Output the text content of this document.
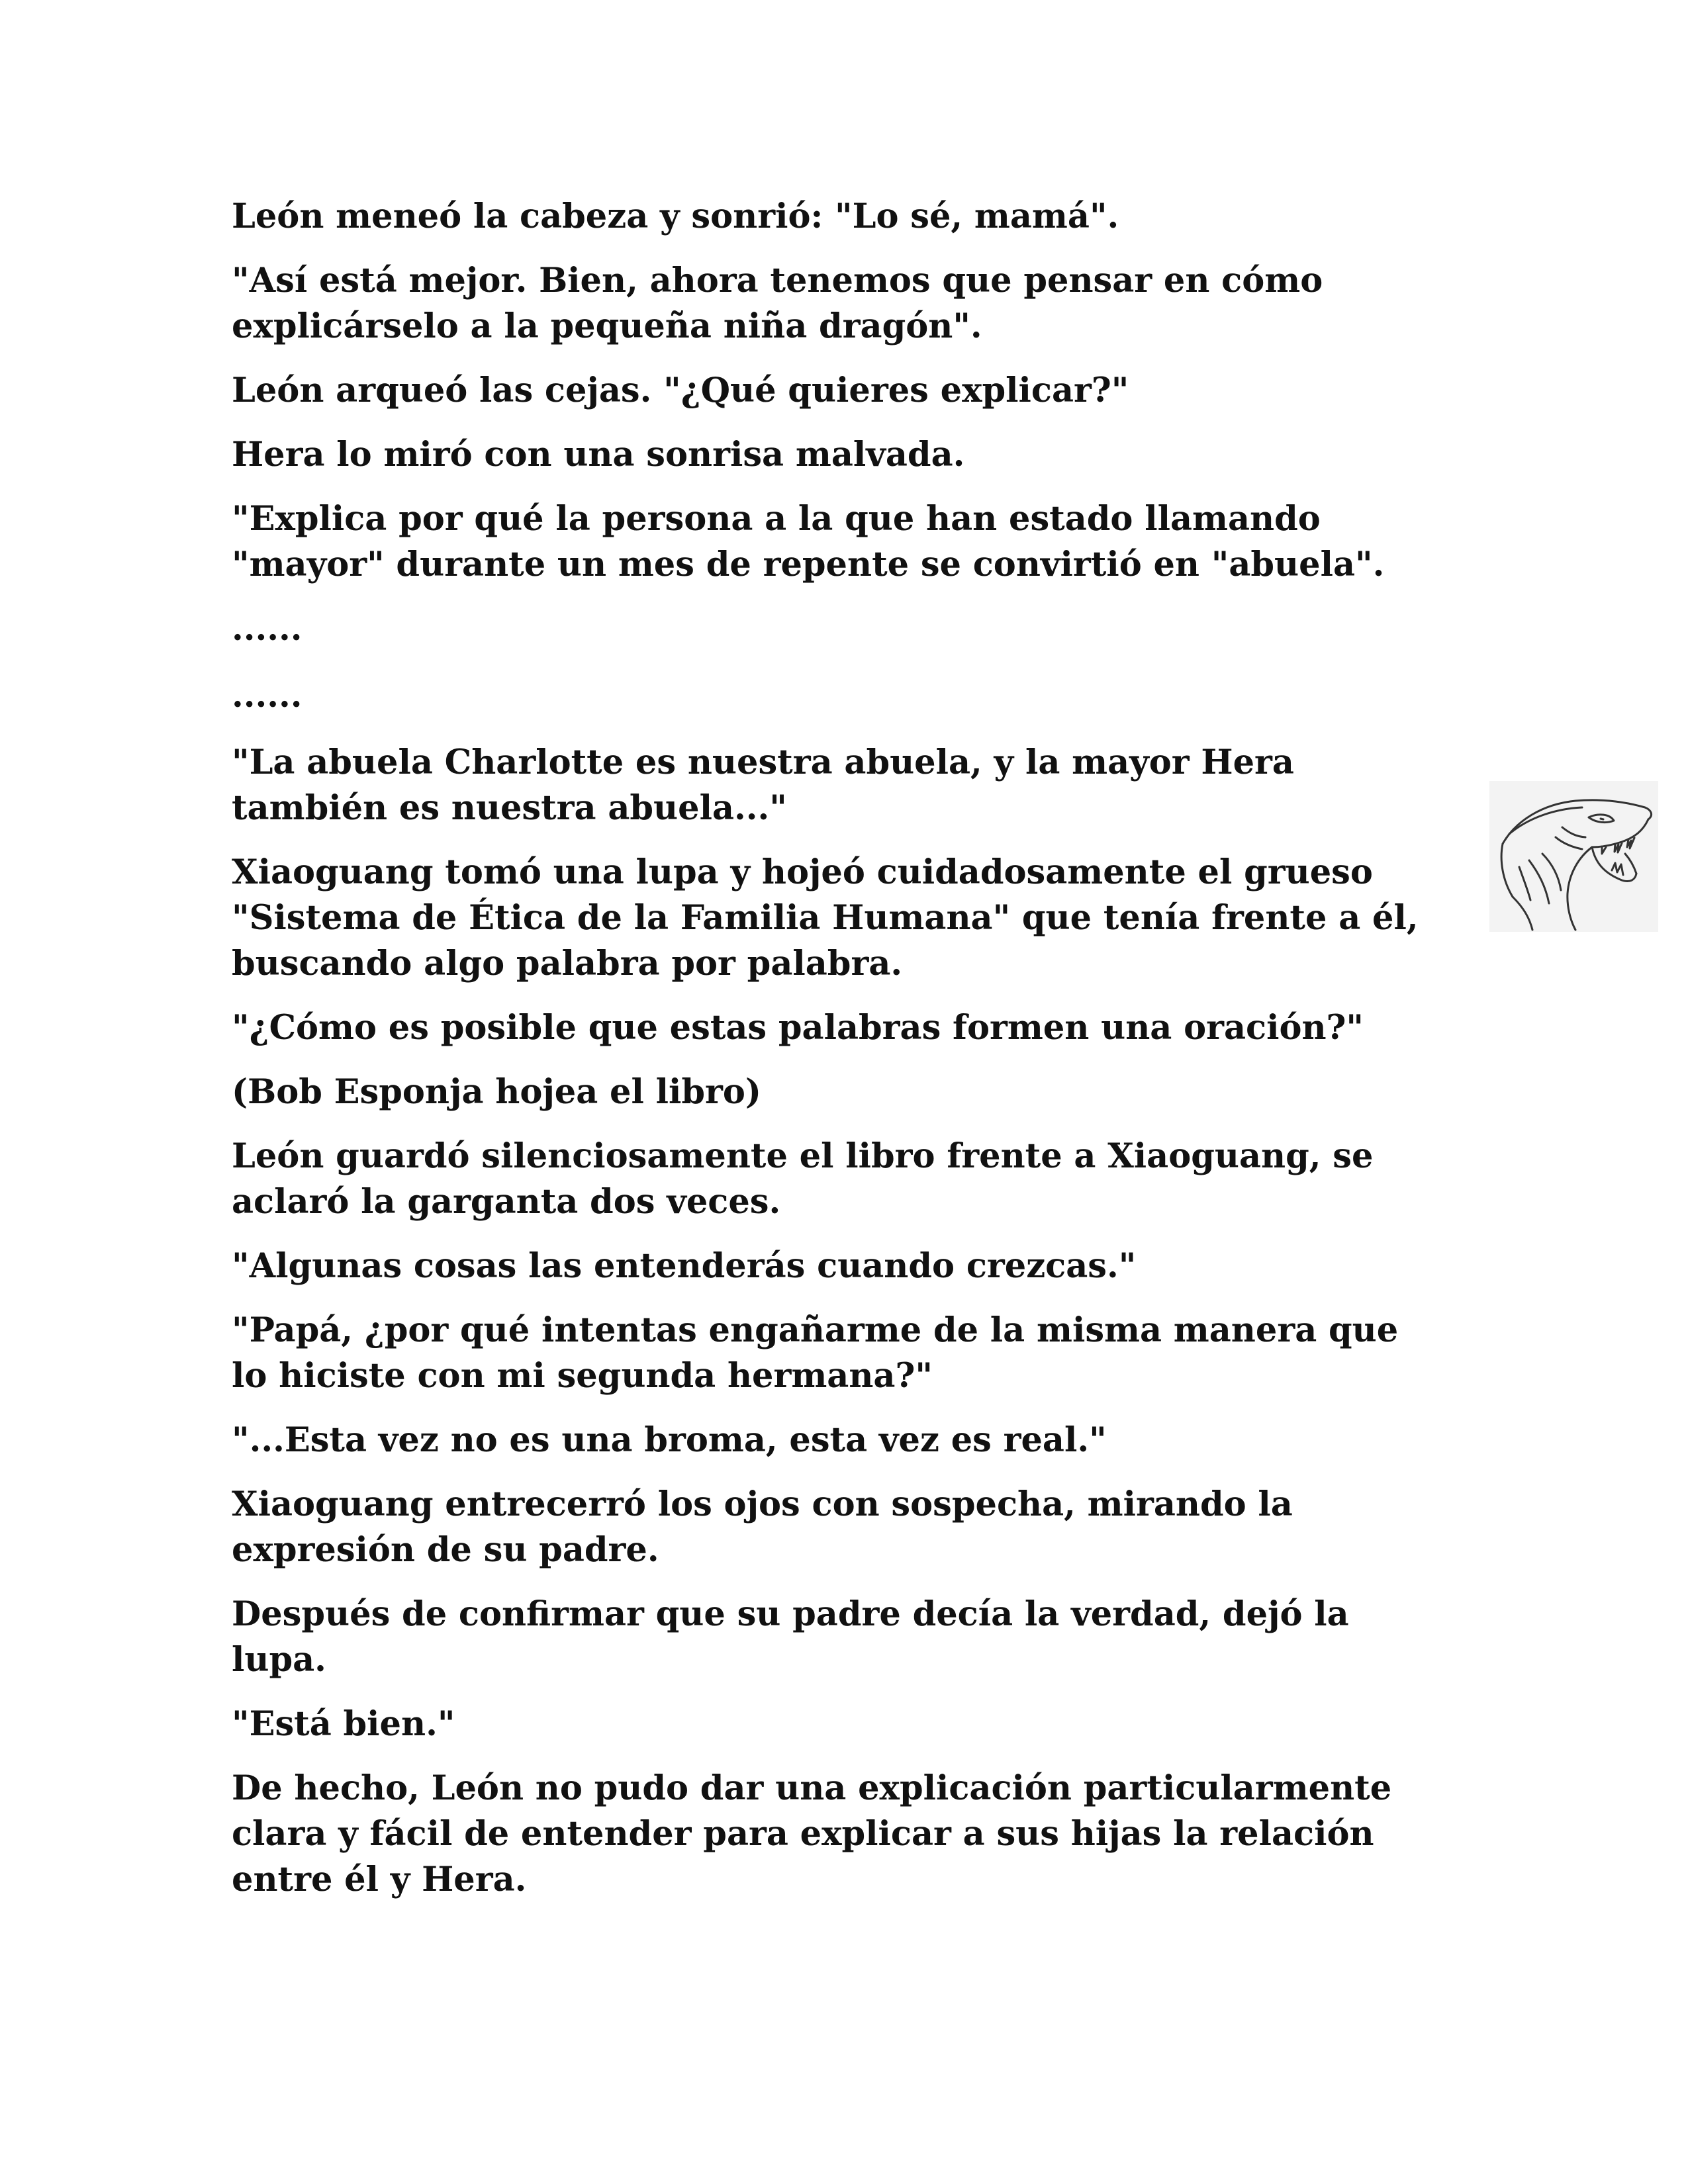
León meneó la cabeza y sonrió: "Lo sé, mamá".

"Así está mejor. Bien, ahora tenemos que pensar en cómo
explicárselo a la pequeña niña dragón".

León arqueó las cejas. "¿Qué quieres explicar?"

Hera lo miró con una sonrisa malvada.

"Explica por qué la persona a la que han estado llamando
"mayor" durante un mes de repente se convirtió en "abuela".

......

......

"La abuela Charlotte es nuestra abuela, y la mayor Hera
también es nuestra abuela..."

Xiaoguang tomó una lupa y hojeó cuidadosamente el grueso
"Sistema de Ética de la Familia Humana" que tenía frente a él,
buscando algo palabra por palabra.

"¿Cómo es posible que estas palabras formen una oración?"

(Bob Esponja hojea el libro)

León guardó silenciosamente el libro frente a Xiaoguang, se
aclaró la garganta dos veces.

"Algunas cosas las entenderás cuando crezcas."

"Papá, ¿por qué intentas engañarme de la misma manera que
lo hiciste con mi segunda hermana?"

"...Esta vez no es una broma, esta vez es real."

Xiaoguang entrecerró los ojos con sospecha, mirando la
expresión de su padre.

Después de confirmar que su padre decía la verdad, dejó la
lupa.

"Está bien."

De hecho, León no pudo dar una explicación particularmente
clara y fácil de entender para explicar a sus hijas la relación
entre él y Hera.
